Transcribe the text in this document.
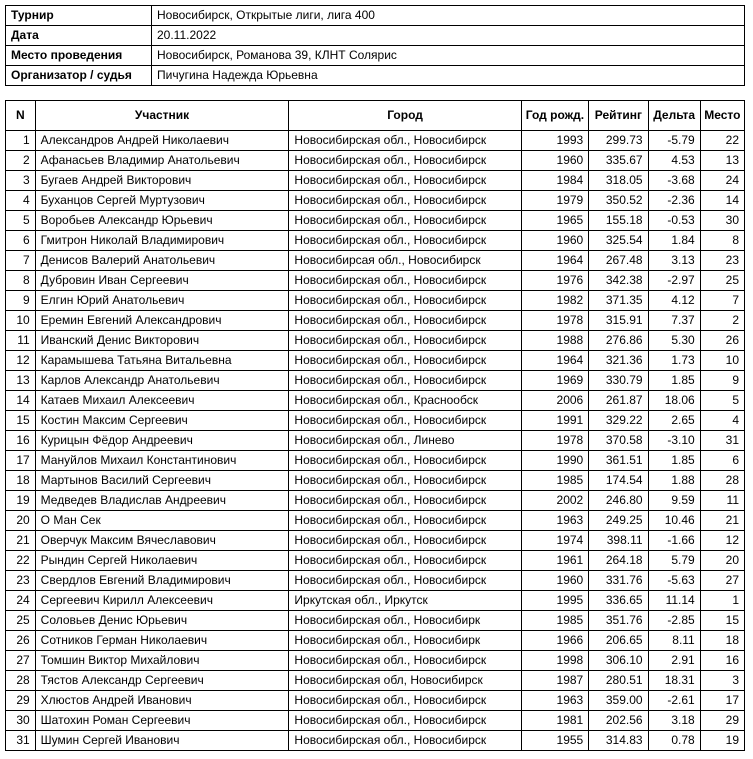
Турнир	Новосибирск, Открытые лиги, лига 400
Дата	20.11.2022
Место проведения	Новосибирск, Романова 39, КЛНТ Солярис
Организатор / судья	Пичугина Надежда Юрьевна
N	Участник	Город	Год рожд.	Рейтинг	Дельта	Место
1	Александров Андрей Николаевич	Новосибирская обл., Новосибирск	1993	299.73	-5.79	22
2	Афанасьев Владимир Анатольевич	Новосибирская обл., Новосибирск	1960	335.67	4.53	13
3	Бугаев Андрей Викторович	Новосибирская обл., Новосибирск	1984	318.05	-3.68	24
4	Буханцов Сергей Муртузович	Новосибирская обл., Новосибирск	1979	350.52	-2.36	14
5	Воробьев Александр Юрьевич	Новосибирская обл., Новосибирск	1965	155.18	-0.53	30
6	Гмитрон Николай Владимирович	Новосибирская обл., Новосибирск	1960	325.54	1.84	8
7	Денисов Валерий Анатольевич	Новосибирсая обл., Новосибирск	1964	267.48	3.13	23
8	Дубровин Иван Сергеевич	Новосибирская обл., Новосибирск	1976	342.38	-2.97	25
9	Елгин Юрий Анатольевич	Новосибирская обл., Новосибирск	1982	371.35	4.12	7
10	Еремин Евгений Александрович	Новосибирская обл., Новосибирск	1978	315.91	7.37	2
11	Иванский Денис Викторович	Новосибирская обл., Новосибирск	1988	276.86	5.30	26
12	Карамышева Татьяна Витальевна	Новосибирская обл., Новосибирск	1964	321.36	1.73	10
13	Карлов Александр Анатольевич	Новосибирская обл., Новосибирск	1969	330.79	1.85	9
14	Катаев Михаил Алексеевич	Новосибирская обл., Краснообск	2006	261.87	18.06	5
15	Костин Максим Сергеевич	Новосибирская обл., Новосибирск	1991	329.22	2.65	4
16	Курицын Фёдор Андреевич	Новосибирская обл., Линево	1978	370.58	-3.10	31
17	Мануйлов Михаил Константинович	Новосибирская обл., Новосибирск	1990	361.51	1.85	6
18	Мартынов Василий Сергеевич	Новосибирская обл., Новосибирск	1985	174.54	1.88	28
19	Медведев Владислав Андреевич	Новосибирская обл., Новосибирск	2002	246.80	9.59	11
20	О Ман Сек	Новосибирская обл., Новосибирск	1963	249.25	10.46	21
21	Оверчук Максим Вячеславович	Новосибирская обл., Новосибирск	1974	398.11	-1.66	12
22	Рындин Сергей Николаевич	Новосибирская обл., Новосибирск	1961	264.18	5.79	20
23	Свердлов Евгений Владимирович	Новосибирская обл., Новосибирск	1960	331.76	-5.63	27
24	Сергеевич Кирилл Алексеевич	Иркутская обл., Иркутск	1995	336.65	11.14	1
25	Соловьев Денис Юрьевич	Новосибирская обл., Новосибирк	1985	351.76	-2.85	15
26	Сотников Герман Николаевич	Новосибирская обл., Новосибирк	1966	206.65	8.11	18
27	Томшин Виктор Михайлович	Новосибирская обл., Новосибирск	1998	306.10	2.91	16
28	Тястов Александр Сергеевич	Новосибирская обл, Новосибирск	1987	280.51	18.31	3
29	Хлюстов Андрей Иванович	Новосибирская обл., Новосибирск	1963	359.00	-2.61	17
30	Шатохин Роман Сергеевич	Новосибирская обл., Новосибирск	1981	202.56	3.18	29
31	Шумин Сергей Иванович	Новосибирская обл., Новосибирск	1955	314.83	0.78	19
